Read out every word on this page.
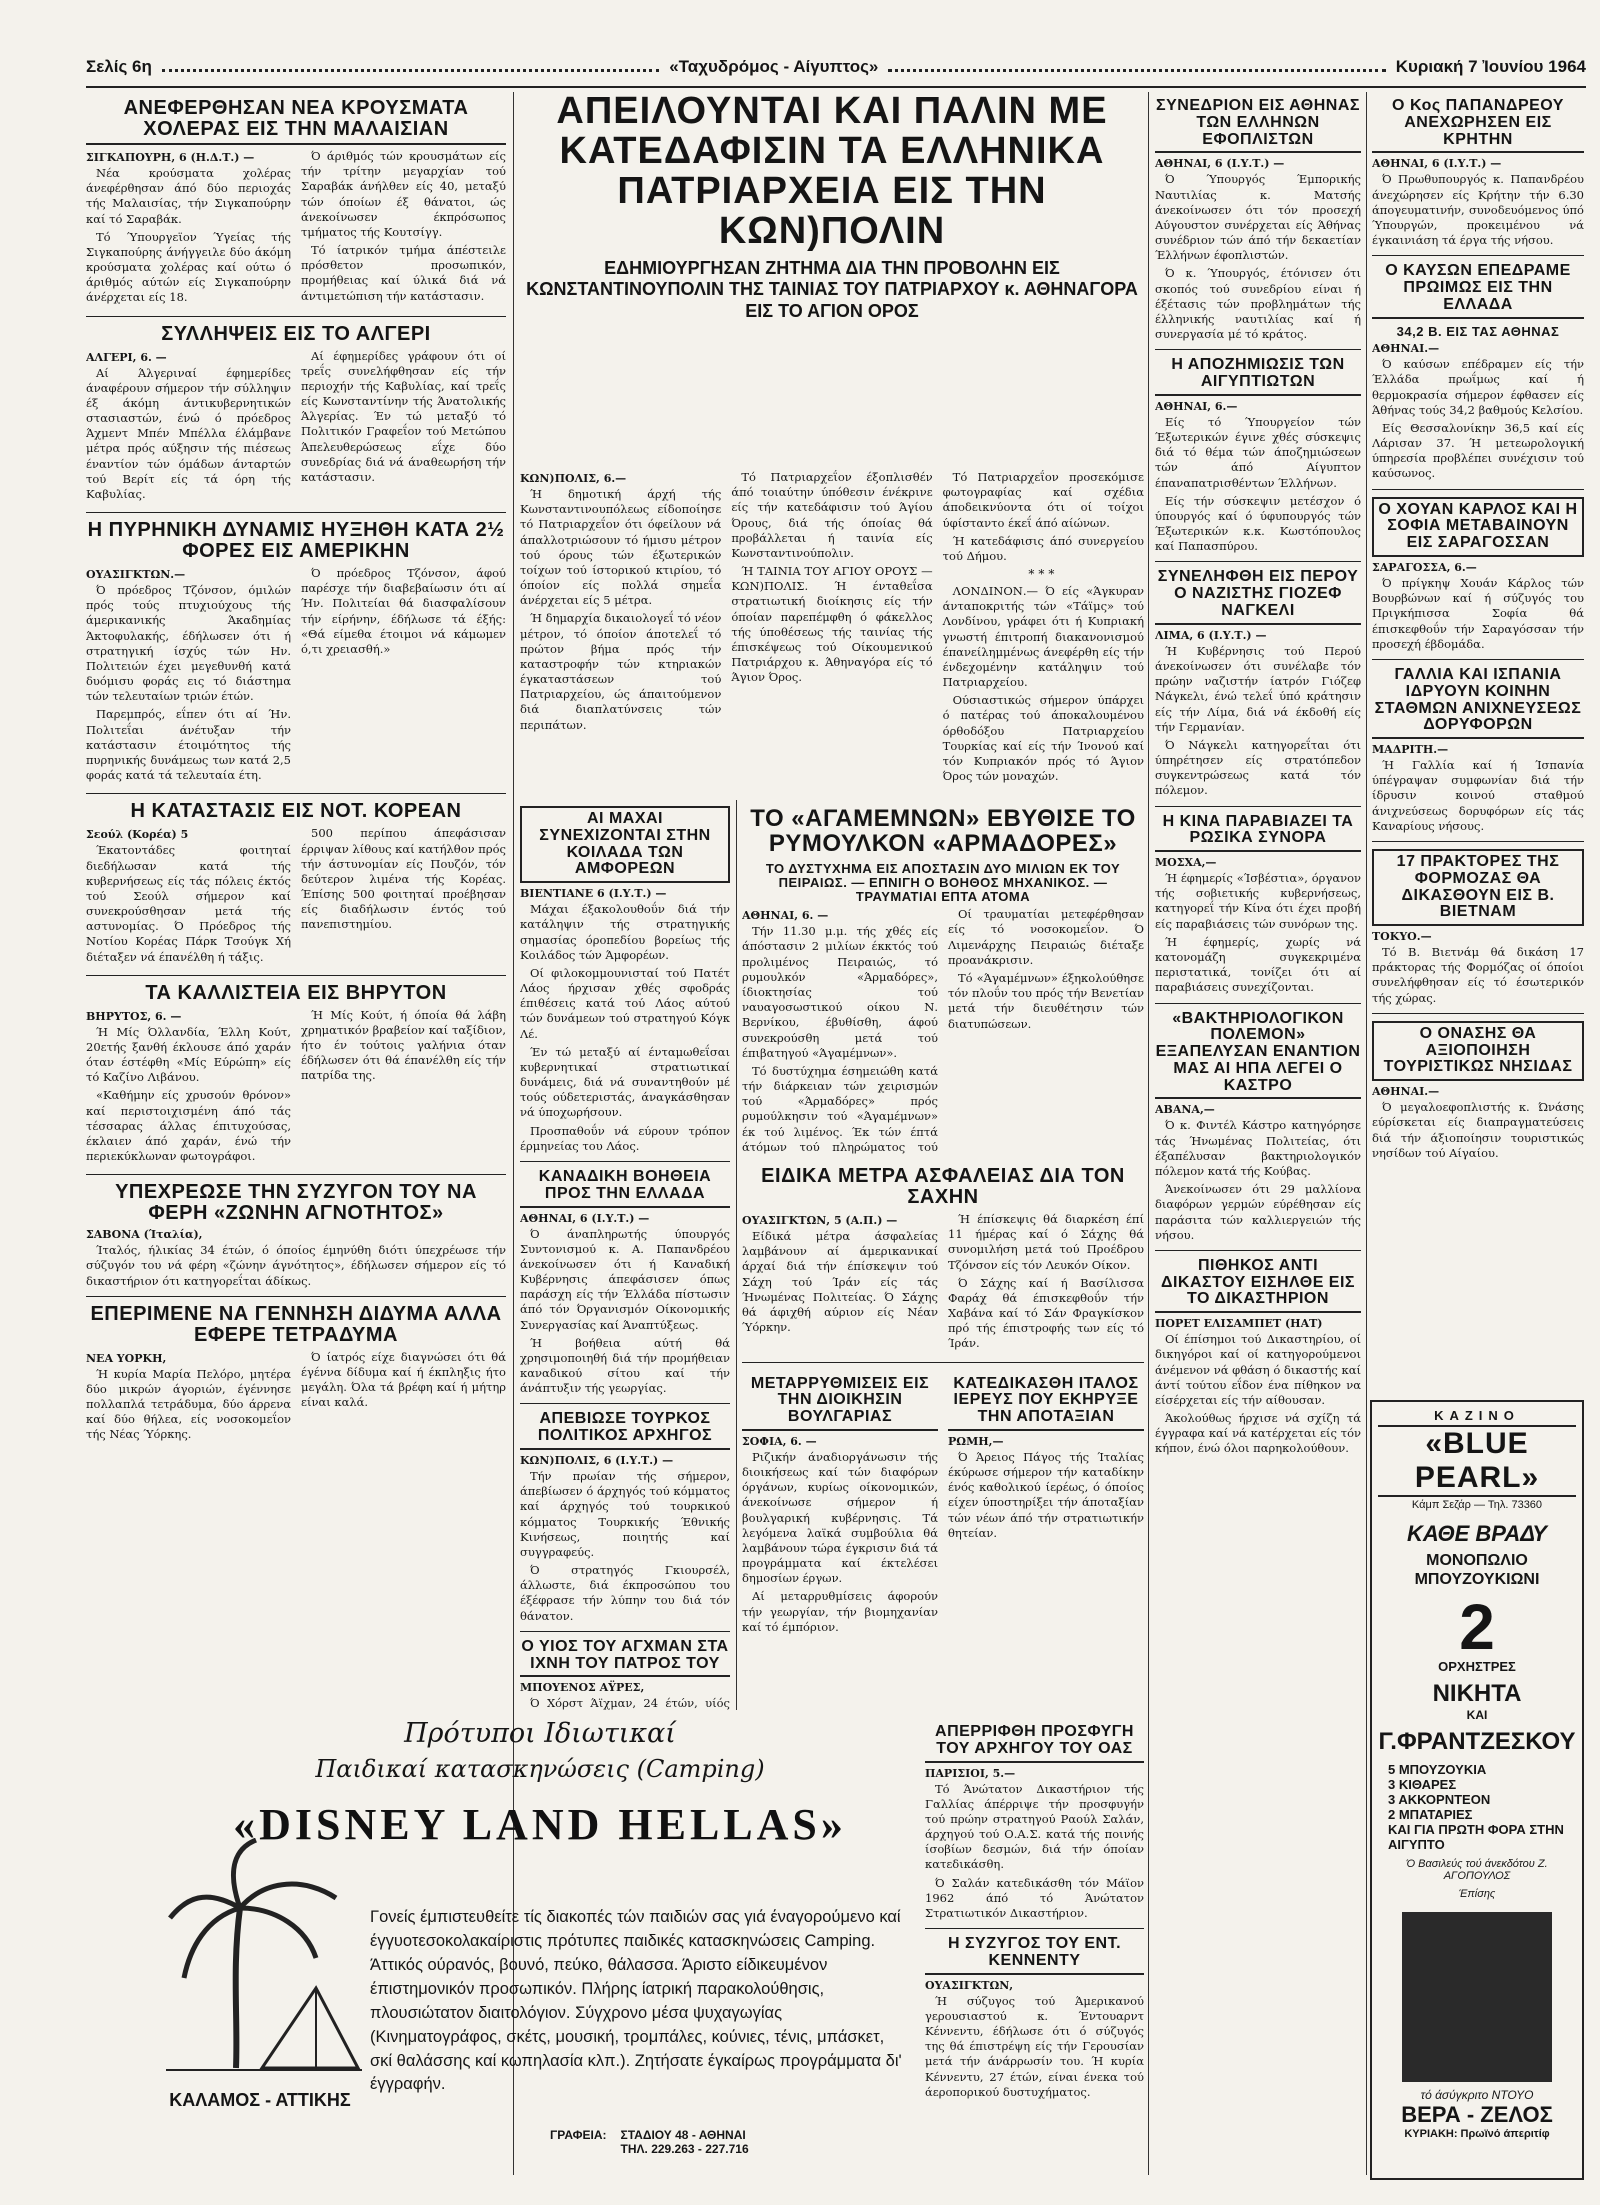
Σελίς 6η	«Ταχυδρόμος - Αίγυπτος»	Κυριακή 7 Ἰουνίου 1964
ΑΝΕΦΕΡΘΗΣΑΝ ΝΕΑ ΚΡΟΥΣΜΑΤΑ ΧΟΛΕΡΑΣ ΕΙΣ ΤΗΝ ΜΑΛΑΙΣΙΑΝ
ΣΙΓΚΑΠΟΥΡΗ, 6 (Η.Δ.Τ.) —

Νέα κρούσματα χολέρας άνεφέρθησαν άπό δύο περιοχάς τής Μαλαισίας, τήν Σιγκαπούρην καί τό Σαραβάκ.

Τό Ύπουργεϊον Ύγείας τής Σιγκαπούρης άνήγγειλε δύο άκόμη κρούσματα χολέρας καί ούτω ό άριθμός αύτών είς Σιγκαπούρην άνέρχεται είς 18.

Ό άριθμός τών κρουσμάτων είς τήν τρίτην μεγαρχίαν τού Σαραβάκ άνήλθεν είς 40, μεταξύ τών όποίων έξ θάνατοι, ώς άνεκοίνωσεν έκπρόσωπος τμήματος τής Κουτσίγγ.

Τό ίατρικόν τμήμα άπέστειλε πρόσθετον προσωπικόν, προμήθειας καί ύλικά διά νά άντιμετώπιση τήν κατάστασιν.

ΣΥΛΛΗΨΕΙΣ ΕΙΣ ΤΟ ΑΛΓΕΡΙ
ΑΛΓΕΡΙ, 6. —

Αί Άλγεριναί έφημερίδες άναφέρουν σήμερον τήν σύλληψιν έξ άκόμη άντικυβερνητικών στασιαστών, ένώ ό πρόεδρος Άχμεντ Μπέν Μπέλλα έλάμβανε μέτρα πρός αύξησιν τής πιέσεως έναντίον τών όμάδων άνταρτών τού Βερίτ είς τά όρη τής Καβυλίας.

Αί έφημερίδες γράφουν ότι οί τρεΐς συνελήφθησαν είς τήν περιοχήν τής Καβυλίας, καί τρεΐς είς Κωνσταντίνην τής Άνατολικής Άλγερίας. Έν τώ μεταξύ τό Πολιτικόν Γραφεΐον τού Μετώπου Άπελευθερώσεως εΐχε δύο συνεδρίας διά νά άναθεωρήση τήν κατάστασιν.

Η ΠΥΡΗΝΙΚΗ ΔΥΝΑΜΙΣ ΗΥΞΗΘΗ ΚΑΤΑ 2½ ΦΟΡΕΣ ΕΙΣ ΑΜΕΡΙΚΗΝ
ΟΥΑΣΙΓΚΤΩΝ.—

Ό πρόεδρος Τζόνσον, όμιλών πρός τούς πτυχιούχους τής άμερικανικής Άκαδημίας Άκτοφυλακής, έδήλωσεν ότι ή στρατηγική ίσχύς τών Ην. Πολιτειών έχει μεγεθυνθή κατά δυόμισυ φοράς εις τό διάστημα τών τελευταίων τριών έτών.

Παρεμπρός, εΐπεν ότι αί Ήν. Πολιτεΐαι άνέτυξαν τήν κατάστασιν έτοιμότητος τής πυρηνικής δυνάμεως των κατά 2,5 φοράς κατά τά τελευταία έτη.

Ό πρόεδρος Τζόνσον, άφού παρέσχε τήν διαβεβαίωσιν ότι αί Ήν. Πολιτείαι θά διασφαλίσουν τήν είρήνην, έδήλωσε τά έξής: «Θά είμεθα έτοιμοι νά κάμωμεν ό,τι χρειασθή.»

Η ΚΑΤΑΣΤΑΣΙΣ ΕΙΣ ΝΟΤ. ΚΟΡΕΑΝ
Σεούλ (Κορέα) 5

Έκατοντάδες φοιτηταί διεδήλωσαν κατά τής κυβερνήσεως είς τάς πόλεις έκτός τού Σεούλ σήμερον καί συνεκρούσθησαν μετά τής αστυνομίας. Ό Πρόεδρος τής Νοτίου Κορέας Πάρκ Τσούγκ Χή διέταξεν νά έπανέλθη ή τάξις.

500 περίπου άπεφάσισαν έρριψαν λίθους καί κατήλθον πρός τήν άστυνομίαν είς Πουζόν, τόν δεύτερον λιμένα τής Κορέας. Έπίσης 500 φοιτηταί προέβησαν είς διαδήλωσιν έντός τού πανεπιστημίου.

ΤΑ ΚΑΛΛΙΣΤΕΙΑ ΕΙΣ ΒΗΡΥΤΟΝ
ΒΗΡΥΤΟΣ, 6. —

Ή Μίς Όλλανδία, Έλλη Κούτ, 20ετής ξανθή έκλουσε άπό χαράν όταν έστέφθη «Μίς Εύρώπη» είς τό Καζίνο Λιβάνου.

«Καθήμην είς χρυσούν θρόνον» καί περιστοιχισμένη άπό τάς τέσσαρας άλλας έπιτυχούσας, έκλαιεν άπό χαράν, ένώ τήν περιεκύκλωναν φωτογράφοι.

Ή Μίς Κούτ, ή όποία θά λάβη χρηματικόν βραβείον καί ταξίδιον, ήτο έν τούτοις γαλήνια όταν έδήλωσεν ότι θά έπανέλθη είς τήν πατρίδα της.

ΥΠΕΧΡΕΩΣΕ ΤΗΝ ΣΥΖΥΓΟΝ ΤΟΥ ΝΑ ΦΕΡΗ «ΖΩΝΗΝ ΑΓΝΟΤΗΤΟΣ»
ΣΑΒΟΝΑ (Ίταλία),

Ίταλός, ήλικίας 34 έτών, ό όποίος έμηνύθη διότι ύπεχρέωσε τήν σύζυγόν του νά φέρη «ζώνην άγνότητος», έδήλωσεν σήμερον είς τό δικαστήριον ότι κατηγορεΐται άδίκως.

ΕΠΕΡΙΜΕΝΕ ΝΑ ΓΕΝΝΗΣΗ ΔΙΔΥΜΑ ΑΛΛΑ ΕΦΕΡΕ ΤΕΤΡΑΔΥΜΑ
ΝΕΑ ΥΟΡΚΗ,

Ή κυρία Μαρία Πελόρο, μητέρα δύο μικρών άγοριών, έγέννησε πολλαπλά τετράδυμα, δύο άρρενα καί δύο θήλεα, είς νοσοκομεΐον τής Νέας Ύόρκης.

Ό ίατρός είχε διαγνώσει ότι θά έγέννα δίδυμα καί ή έκπληξις ήτο μεγάλη. Όλα τά βρέφη καί ή μήτηρ είναι καλά.

ΑΠΕΙΛΟΥΝΤΑΙ ΚΑΙ ΠΑΛΙΝ ΜΕ ΚΑΤΕΔΑΦΙΣΙΝ ΤΑ ΕΛΛΗΝΙΚΑ ΠΑΤΡΙΑΡΧΕΙΑ ΕΙΣ ΤΗΝ ΚΩΝ)ΠΟΛΙΝ
ΕΔΗΜΙΟΥΡΓΗΣΑΝ ΖΗΤΗΜΑ ΔΙΑ ΤΗΝ ΠΡΟΒΟΛΗΝ ΕΙΣ ΚΩΝΣΤΑΝΤΙΝΟΥΠΟΛΙΝ ΤΗΣ ΤΑΙΝΙΑΣ ΤΟΥ ΠΑΤΡΙΑΡΧΟΥ κ. ΑΘΗΝΑΓΟΡΑ ΕΙΣ ΤΟ ΑΓΙΟΝ ΟΡΟΣ
ΚΩΝ)ΠΟΛΙΣ, 6.—

Ή δημοτική άρχή τής Κωνσταντινουπόλεως είδοποίησε τό Πατριαρχεΐον ότι όφείλουν νά άπαλλοτριώσουν τό ήμισυ μέτρον τού όρους τών έξωτερικών τοίχων τού ίστορικού κτιρίου, τό όποίον είς πολλά σημεΐα άνέρχεται είς 5 μέτρα.

Ή δημαρχία δικαιολογεΐ τό νέον μέτρον, τό όποίον άποτελεΐ τό πρώτον βήμα πρός τήν καταστροφήν τών κτηριακών έγκαταστάσεων τού Πατριαρχείου, ώς άπαιτούμενον διά διαπλατύνσεις τών περιπάτων.

Τό Πατριαρχεΐον έξοπλισθέν άπό τοιαύτην ύπόθεσιν ένέκρινε είς τήν κατεδάφισιν τού Άγίου Όρους, διά τής όποίας θά προβάλλεται ή ταινία είς Κωνσταντινούπολιν.

Ή ΤΑΙΝΙΑ ΤΟΥ ΑΓΙΟΥ ΟΡΟΥΣ — ΚΩΝ)ΠΟΛΙΣ. Ή ένταθεΐσα στρατιωτική διοίκησις είς τήν όποίαν παρεπέμφθη ό φάκελλος τής ύποθέσεως τής ταινίας τής έπισκέψεως τού Οίκουμενικού Πατριάρχου κ. Άθηναγόρα είς τό Άγιον Όρος.

Τό Πατριαρχεΐον προσεκόμισε φωτογραφίας καί σχέδια άποδεικνύοντα ότι οί τοίχοι ύφίσταντο έκεΐ άπό αίώνων.

Ή κατεδάφισις άπό συνεργείου τού Δήμου.

***

ΛΟΝΔΙΝΟΝ.— Ό είς «Άγκυραν άνταποκριτής τών «Τάϊμς» τού Λονδίνου, γράφει ότι ή Κυπριακή γνωστή έπιτροπή διακανονισμού έπανείλημμένως άνεφέρθη είς τήν ένδεχομένην κατάληψιν τού Πατριαρχείου.

Ούσιαστικώς σήμερον ύπάρχει ό πατέρας τού άποκαλουμένου όρθοδόξου Πατριαρχείου Τουρκίας καί είς τήν Ίνονού καί τόν Κυπριακόν πρός τό Άγιον Όρος τών μοναχών.

ΑΙ ΜΑΧΑΙ ΣΥΝΕΧΙΖΟΝΤΑΙ ΣΤΗΝ ΚΟΙΛΑΔΑ ΤΩΝ ΑΜΦΟΡΕΩΝ
ΒΙΕΝΤΙΑΝΕ 6 (Ι.Υ.Τ.) —

Μάχαι έξακολουθοΰν διά τήν κατάληψιν τής στρατηγικής σημασίας όροπεδίου βορείως τής Κοιλάδος τών Άμφορέων.

Οί φιλοκομμουνισταί τού Πατέτ Λάος ήρχισαν χθές σφοδράς έπιθέσεις κατά τού Λάος αύτού τών δυνάμεων τού στρατηγού Κόγκ Λέ.

Έν τώ μεταξύ αί ένταμωθεΐσαι κυβερνητικαί στρατιωτικαί δυνάμεις, διά νά συναντηθούν μέ τούς ούδετεριστάς, άναγκάσθησαν νά ύποχωρήσουν.

Προσπαθοΰν νά εύρουν τρόπον έρμηνείας του Λάος.

ΚΑΝΑΔΙΚΗ ΒΟΗΘΕΙΑ ΠΡΟΣ ΤΗΝ ΕΛΛΑΔΑ
ΑΘΗΝΑΙ, 6 (Ι.Υ.Τ.) —

Ό άναπληρωτής ύπουργός Συντονισμού κ. Α. Παπανδρέου άνεκοίνωσεν ότι ή Καναδική Κυβέρνησις άπεφάσισεν όπως παράσχη είς τήν Έλλάδα πίστωσιν άπό τόν Όργανισμόν Οίκονομικής Συνεργασίας καί Άναπτύξεως.

Ή βοήθεια αύτή θά χρησιμοποιηθή διά τήν προμήθειαν καναδικού σίτου καί τήν άνάπτυξιν τής γεωργίας.

ΑΠΕΒΙΩΣΕ ΤΟΥΡΚΟΣ ΠΟΛΙΤΙΚΟΣ ΑΡΧΗΓΟΣ
ΚΩΝ)ΠΟΛΙΣ, 6 (Ι.Υ.Τ.) —

Τήν πρωίαν τής σήμερον, άπεβίωσεν ό άρχηγός τού κόμματος καί άρχηγός τού τουρκικού κόμματος Τουρκικής Έθνικής Κινήσεως, ποιητής καί συγγραφεύς.

Ό στρατηγός Γκιουρσέλ, άλλωστε, διά έκπροσώπου του έξέφρασε τήν λύπην του διά τόν θάνατον.

Ο ΥΙΟΣ ΤΟΥ ΑΓΧΜΑΝ ΣΤΑ ΙΧΝΗ ΤΟΥ ΠΑΤΡΟΣ ΤΟΥ
ΜΠΟΥΕΝΟΣ ΑΫΡΕΣ,

Ό Χόρστ Άϊχμαν, 24 έτών, υίός

ΤΟ «ΑΓΑΜΕΜΝΩΝ» ΕΒΥΘΙΣΕ ΤΟ ΡΥΜΟΥΛΚΟΝ «ΑΡΜΑΔΟΡΕΣ»
ΤΟ ΔΥΣΤΥΧΗΜΑ ΕΙΣ ΑΠΟΣΤΑΣΙΝ ΔΥΟ ΜΙΛΙΩΝ ΕΚ ΤΟΥ ΠΕΙΡΑΙΩΣ. — ΕΠΝΙΓΗ Ο ΒΟΗΘΟΣ ΜΗΧΑΝΙΚΟΣ. — ΤΡΑΥΜΑΤΙΑΙ ΕΠΤΑ ΑΤΟΜΑ
ΑΘΗΝΑΙ, 6. —

Τήν 11.30 μ.μ. τής χθές είς άπόστασιν 2 μιλίων έκκτός τού προλιμένος Πειραιώς, τό ρυμουλκόν «Άρμαδόρες», ίδιοκτησίας τού ναυαγοσωστικού οίκου Ν. Βερνίκου, έβυθίσθη, άφού συνεκρούσθη μετά τού έπιβατηγού «Άγαμέμνων».

Τό δυστύχημα έσημειώθη κατά τήν διάρκειαν τών χειρισμών τού «Άρμαδόρες» πρός ρυμούλκησιν τού «Άγαμέμνων» έκ τού λιμένος. Έκ τών έπτά άτόμων τού πληρώματος τού

Οί τραυματίαι μετεφέρθησαν είς τό νοσοκομεΐον. Ό Λιμενάρχης Πειραιώς διέταξε προανάκρισιν.

Τό «Άγαμέμνων» έξηκολούθησε τόν πλοΰν του πρός τήν Βενετίαν μετά τήν διευθέτησιν τών διατυπώσεων.

ΕΙΔΙΚΑ ΜΕΤΡΑ ΑΣΦΑΛΕΙΑΣ ΔΙΑ ΤΟΝ ΣΑΧΗΝ
ΟΥΑΣΙΓΚΤΩΝ, 5 (Α.Π.) —

Είδικά μέτρα άσφαλείας λαμβάνουν αί άμερικανικαί άρχαί διά τήν έπίσκεψιν τού Σάχη τού Ίράν είς τάς Ήνωμένας Πολιτείας. Ό Σάχης θά άφιχθή αύριον είς Νέαν Ύόρκην.

Ή έπίσκεψις θά διαρκέση έπί 11 ήμέρας καί ό Σάχης θά συνομιλήση μετά τού Προέδρου Τζόνσον είς τόν Λευκόν Οίκον.

Ό Σάχης καί ή Βασίλισσα Φαράχ θά έπισκεφθοΰν τήν Χαβάνα καί τό Σάν Φραγκίσκον πρό τής έπιστροφής των είς τό Ίράν.

ΜΕΤΑΡΡΥΘΜΙΣΕΙΣ ΕΙΣ ΤΗΝ ΔΙΟΙΚΗΣΙΝ ΒΟΥΛΓΑΡΙΑΣ
ΣΟΦΙΑ, 6. —

Ριζικήν άναδιοργάνωσιν τής διοικήσεως καί τών διαφόρων όργάνων, κυρίως οίκονομικών, άνεκοίνωσε σήμερον ή βουλγαρική κυβέρνησις. Τά λεγόμενα λαϊκά συμβούλια θά λαμβάνουν τώρα έγκρισιν διά τά προγράμματα καί έκτελέσει δημοσίων έργων.

Αί μεταρρυθμίσεις άφορούν τήν γεωργίαν, τήν βιομηχανίαν καί τό έμπόριον.

ΚΑΤΕΔΙΚΑΣΘΗ ΙΤΑΛΟΣ ΙΕΡΕΥΣ ΠΟΥ ΕΚΗΡΥΞΕ ΤΗΝ ΑΠΟΤΑΞΙΑΝ
ΡΩΜΗ,—

Ό Άρειος Πάγος τής Ίταλίας έκύρωσε σήμερον τήν καταδίκην ένός καθολικού ίερέως, ό όποίος είχεν ύποστηρίξει τήν άποταξίαν τών νέων άπό τήν στρατιωτικήν θητείαν.

ΑΠΕΡΡΙΦΘΗ ΠΡΟΣΦΥΓΗ ΤΟΥ ΑΡΧΗΓΟΥ ΤΟΥ ΟΑΣ
ΠΑΡΙΣΙΟΙ, 5.—

Τό Άνώτατον Δικαστήριον τής Γαλλίας άπέρριψε τήν προσφυγήν τού πρώην στρατηγού Ραούλ Σαλάν, άρχηγού τού Ο.Α.Σ. κατά τής ποινής ίσοβίων δεσμών, διά τήν όποίαν κατεδικάσθη.

Ό Σαλάν κατεδικάσθη τόν Μάϊον 1962 άπό τό Άνώτατον Στρατιωτικόν Δικαστήριον.

Η ΣΥΖΥΓΟΣ ΤΟΥ ΕΝΤ. ΚΕΝΝΕΝΤΥ
ΟΥΑΣΙΓΚΤΩΝ,

Ή σύζυγος τού Άμερικανού γερουσιαστού κ. Έντουαρντ Κέννεντυ, έδήλωσε ότι ό σύζυγός της θά έπιστρέψη είς τήν Γερουσίαν μετά τήν άνάρρωσίν του. Ή κυρία Κέννεντυ, 27 έτών, είναι ένεκα τού άεροπορικού δυστυχήματος.

ΣΥΝΕΔΡΙΟΝ ΕΙΣ ΑΘΗΝΑΣ ΤΩΝ ΕΛΛΗΝΩΝ ΕΦΟΠΛΙΣΤΩΝ
ΑΘΗΝΑΙ, 6 (Ι.Υ.Τ.) —

Ό Ύπουργός Έμπορικής Ναυτιλίας κ. Ματσής άνεκοίνωσεν ότι τόν προσεχή Αύγουστον συνέρχεται είς Άθήνας συνέδριον τών άπό τήν δεκαετίαν Έλλήνων έφοπλιστών.

Ό κ. Ύπουργός, έτόνισεν ότι σκοπός τού συνεδρίου είναι ή έξέτασις τών προβλημάτων τής έλληνικής ναυτιλίας καί ή συνεργασία μέ τό κράτος.

Η ΑΠΟΖΗΜΙΩΣΙΣ ΤΩΝ ΑΙΓΥΠΤΙΩΤΩΝ
ΑΘΗΝΑΙ, 6.—

Είς τό Ύπουργείον τών Έξωτερικών έγινε χθές σύσκεψις διά τό θέμα τών άποζημιώσεων τών άπό Αίγυπτον έπαναπατρισθέντων Έλλήνων.

Είς τήν σύσκεψιν μετέσχον ό ύπουργός καί ό ύφυπουργός τών Έξωτερικών κ.κ. Κωστόπουλος καί Παπασπύρου.

ΣΥΝΕΛΗΦΘΗ ΕΙΣ ΠΕΡΟΥ Ο ΝΑΖΙΣΤΗΣ ΓΙΟΖΕΦ ΝΑΓΚΕΛΙ
ΛΙΜΑ, 6 (Ι.Υ.Τ.) —

Ή Κυβέρνησις τού Περού άνεκοίνωσεν ότι συνέλαβε τόν πρώην ναζιστήν ίατρόν Γιόζεφ Νάγκελι, ένώ τελεΐ ύπό κράτησιν είς τήν Λίμα, διά νά έκδοθή είς τήν Γερμανίαν.

Ό Νάγκελι κατηγορεΐται ότι ύπηρέτησεν είς στρατόπεδον συγκεντρώσεως κατά τόν πόλεμον.

Η ΚΙΝΑ ΠΑΡΑΒΙΑΖΕΙ ΤΑ ΡΩΣΙΚΑ ΣΥΝΟΡΑ
ΜΟΣΧΑ,—

Ή έφημερίς «Ίσβέστια», όργανον τής σοβιετικής κυβερνήσεως, κατηγορεΐ τήν Κίνα ότι έχει προβή είς παραβιάσεις τών συνόρων της.

Ή έφημερίς, χωρίς νά κατονομάζη συγκεκριμένα περιστατικά, τονίζει ότι αί παραβιάσεις συνεχίζονται.

«ΒΑΚΤΗΡΙΟΛΟΓΙΚΟΝ ΠΟΛΕΜΟΝ» ΕΞΑΠΕΛΥΣΑΝ ΕΝΑΝΤΙΟΝ ΜΑΣ ΑΙ ΗΠΑ ΛΕΓΕΙ Ο ΚΑΣΤΡΟ
ΑΒΑΝΑ,—

Ό κ. Φιντέλ Κάστρο κατηγόρησε τάς Ήνωμένας Πολιτείας, ότι έξαπέλυσαν βακτηριολογικόν πόλεμον κατά τής Κούβας.

Άνεκοίνωσεν ότι 29 μαλλίονα διαφόρων γερμών εύρέθησαν είς παράσιτα τών καλλιεργειών τής νήσου.

ΠΙΘΗΚΟΣ ΑΝΤΙ ΔΙΚΑΣΤΟΥ ΕΙΣΗΛΘΕ ΕΙΣ ΤΟ ΔΙΚΑΣΤΗΡΙΟΝ
ΠΟΡΕΤ ΕΛΙΣΑΜΠΕΤ (ΗΑΤ)

Οί έπίσημοι τού Δικαστηρίου, οί δικηγόροι καί οί κατηγορούμενοι άνέμενον νά φθάση ό δικαστής καί άντί τούτου εΐδον ένα πίθηκον να είσέρχεται είς τήν αίθουσαν.

Άκολούθως ήρχισε νά σχίζη τά έγγραφα καί νά κατέρχεται είς τόν κήπον, ένώ όλοι παρηκολούθουν.

Ο Κος ΠΑΠΑΝΔΡΕΟΥ ΑΝΕΧΩΡΗΣΕΝ ΕΙΣ ΚΡΗΤΗΝ
ΑΘΗΝΑΙ, 6 (Ι.Υ.Τ.) —

Ό Πρωθυπουργός κ. Παπανδρέου άνεχώρησεν είς Κρήτην τήν 6.30 άπογευματινήν, συνοδευόμενος ύπό Ύπουργών, προκειμένου νά έγκαινιάση τά έργα τής νήσου.

Ο ΚΑΥΣΩΝ ΕΠΕΔΡΑΜΕ ΠΡΩΙΜΩΣ ΕΙΣ ΤΗΝ ΕΛΛΑΔΑ
34,2 Β. ΕΙΣ ΤΑΣ ΑΘΗΝΑΣ
ΑΘΗΝΑΙ.—

Ό καύσων επέδραμεν είς τήν Έλλάδα πρωΐμως καί ή θερμοκρασία σήμερον έφθασεν είς Άθήνας τούς 34,2 βαθμούς Κελσίου.

Είς Θεσσαλονίκην 36,5 καί είς Λάρισαν 37. Ή μετεωρολογική ύπηρεσία προβλέπει συνέχισιν τού καύσωνος.

Ο ΧΟΥΑΝ ΚΑΡΛΟΣ ΚΑΙ Η ΣΟΦΙΑ ΜΕΤΑΒΑΙΝΟΥΝ ΕΙΣ ΣΑΡΑΓΟΣΣΑΝ
ΣΑΡΑΓΟΣΣΑ, 6.—

Ό πρίγκηψ Χουάν Κάρλος τών Βουρβώνων καί ή σύζυγός του Πριγκήπισσα Σοφία θά έπισκεφθοΰν τήν Σαραγόσσαν τήν προσεχή έβδομάδα.

ΓΑΛΛΙΑ ΚΑΙ ΙΣΠΑΝΙΑ ΙΔΡΥΟΥΝ ΚΟΙΝΗΝ ΣΤΑΘΜΩΝ ΑΝΙΧΝΕΥΣΕΩΣ ΔΟΡΥΦΟΡΩΝ
ΜΑΔΡΙΤΗ.—

Ή Γαλλία καί ή Ίσπανία ύπέγραψαν συμφωνίαν διά τήν ίδρυσιν κοινού σταθμού άνιχνεύσεως δορυφόρων είς τάς Καναρίους νήσους.

17 ΠΡΑΚΤΟΡΕΣ ΤΗΣ ΦΟΡΜΟΖΑΣ ΘΑ ΔΙΚΑΣΘΟΥΝ ΕΙΣ Β. ΒΙΕΤΝΑΜ
ΤΟΚΥΟ.—

Τό Β. Βιετνάμ θά δικάση 17 πράκτορας τής Φορμόζας οί όποίοι συνελήφθησαν είς τό έσωτερικόν τής χώρας.

Ο ΟΝΑΣΗΣ ΘΑ ΑΞΙΟΠΟΙΗΣΗ ΤΟΥΡΙΣΤΙΚΩΣ ΝΗΣΙΔΑΣ
ΑΘΗΝΑΙ.—

Ό μεγαλοεφοπλιστής κ. Ώνάσης εύρίσκεται είς διαπραγματεύσεις διά τήν άξιοποίησιν τουριστικώς νησίδων τού Αίγαίου.

Πρότυποι Ιδιωτικαί
Παιδικαί κατασκηνώσεις (Camping)
«DISNEY LAND HELLAS»
Γονείς έμπιστευθείτε τίς διακοπές τών παιδιών σας γιά έναγορούμενο καί έγγυοτεσοκολακαίριστις πρότυπες παιδικές κατασκηνώσεις Camping. Άττικός ούρανός, βουνό, πεύκο, θάλασσα. Άριστο είδικευμένον έπιστημονικόν προσωπικόν. Πλήρης ίατρική παρακολούθησις, πλουσιώτατον διαιτολόγιον. Σύγχρονο μέσα ψυχαγωγίας (Κινηματογράφος, σκέτς, μουσική, τρομπάλες, κούνιες, τένις, μπάσκετ, σκί θαλάσσης καί κωπηλασία κλπ.). Ζητήσατε έγκαίρως προγράμματα δι' έγγραφήν.
ΚΑΛΑΜΟΣ - ΑΤΤΙΚΗΣ
ΓΡΑΦΕΙΑ: ΣΤΑΔΙΟΥ 48 - ΑΘΗΝΑΙ
ΤΗΛ. 229.263 - 227.716
ΚΑΖΙΝΟ
«BLUE PEARL»
Κάμπ Σεζάρ — Τηλ. 73360
ΚΑΘΕ ΒΡΑΔΥ
ΜΟΝΟΠΩΛΙΟ ΜΠΟΥΖΟΥΚΙΩΝΙ
2
ΟΡΧΗΣΤΡΕΣ
ΝΙΚΗΤΑ
ΚΑΙ
Γ.ΦΡΑΝΤΖΕΣΚΟΥ
5 ΜΠΟΥΖΟΥΚΙΑ
3 ΚΙΘΑΡΕΣ
3 ΑΚΚΟΡΝΤΕΟΝ
2 ΜΠΑΤΑΡΙΕΣ
ΚΑΙ ΓΙΑ ΠΡΩΤΗ ΦΟΡΑ ΣΤΗΝ ΑΙΓΥΠΤΟ
Ό Βασιλεύς τού άνεκδότου Ζ. ΑΓΟΠΟΥΛΟΣ
Έπίσης
τό άσύγκριτο ΝΤΟΥΟ
ΒΕΡΑ - ΖΕΛΟΣ
ΚΥΡΙΑΚΗ: Πρωϊνό άπεριτίφ
